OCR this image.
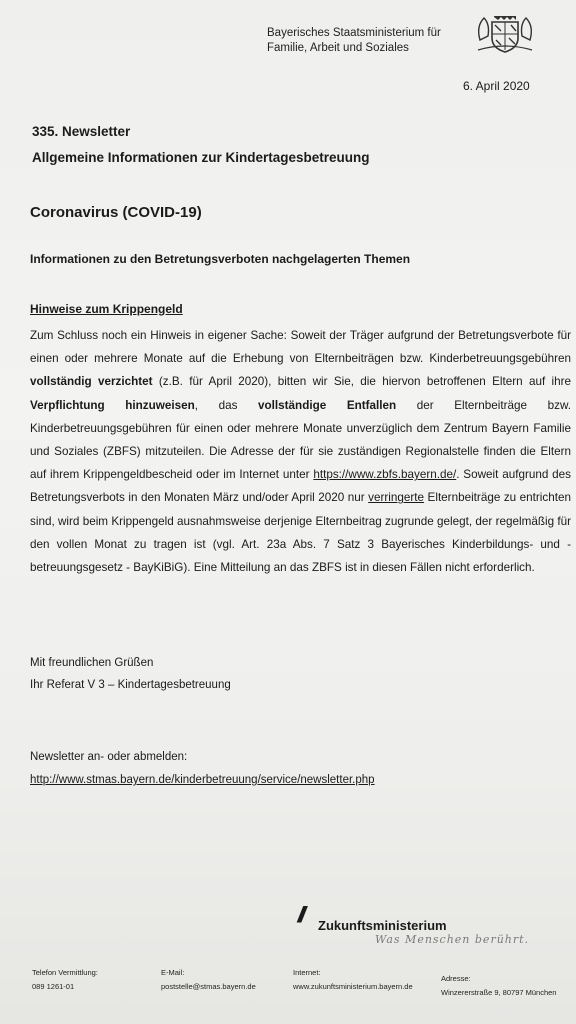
Bayerisches Staatsministerium für
Familie, Arbeit und Soziales
6. April 2020
335. Newsletter
Allgemeine Informationen zur Kindertagesbetreuung
Coronavirus (COVID-19)
Informationen zu den Betretungsverboten nachgelagerten Themen
Hinweise zum Krippengeld
Zum Schluss noch ein Hinweis in eigener Sache: Soweit der Träger aufgrund der Betretungsverbote für einen oder mehrere Monate auf die Erhebung von Elternbeiträgen bzw. Kinderbetreuungsgebühren vollständig verzichtet (z.B. für April 2020), bitten wir Sie, die hiervon betroffenen Eltern auf ihre Verpflichtung hinzuweisen, das vollständige Entfallen der Elternbeiträge bzw. Kinderbetreuungsgebühren für einen oder mehrere Monate unverzüglich dem Zentrum Bayern Familie und Soziales (ZBFS) mitzuteilen. Die Adresse der für sie zuständigen Regionalstelle finden die Eltern auf ihrem Krippengeldbescheid oder im Internet unter https://www.zbfs.bayern.de/. Soweit aufgrund des Betretungsverbots in den Monaten März und/oder April 2020 nur verringerte Elternbeiträge zu entrichten sind, wird beim Krippengeld ausnahmsweise derjenige Elternbeitrag zugrunde gelegt, der regelmäßig für den vollen Monat zu tragen ist (vgl. Art. 23a Abs. 7 Satz 3 Bayerisches Kinderbildungs- und -betreuungsgesetz - BayKiBiG). Eine Mitteilung an das ZBFS ist in diesen Fällen nicht erforderlich.
Mit freundlichen Grüßen
Ihr Referat V 3 – Kindertagesbetreuung
Newsletter an- oder abmelden:
http://www.stmas.bayern.de/kinderbetreuung/service/newsletter.php
// Zukunftsministerium
Was Menschen berührt.
Telefon Vermittlung:
089 1261-01
E-Mail:
poststelle@stmas.bayern.de
Internet:
www.zukunftsministerium.bayern.de
Adresse:
Winzererstraße 9, 80797 München
